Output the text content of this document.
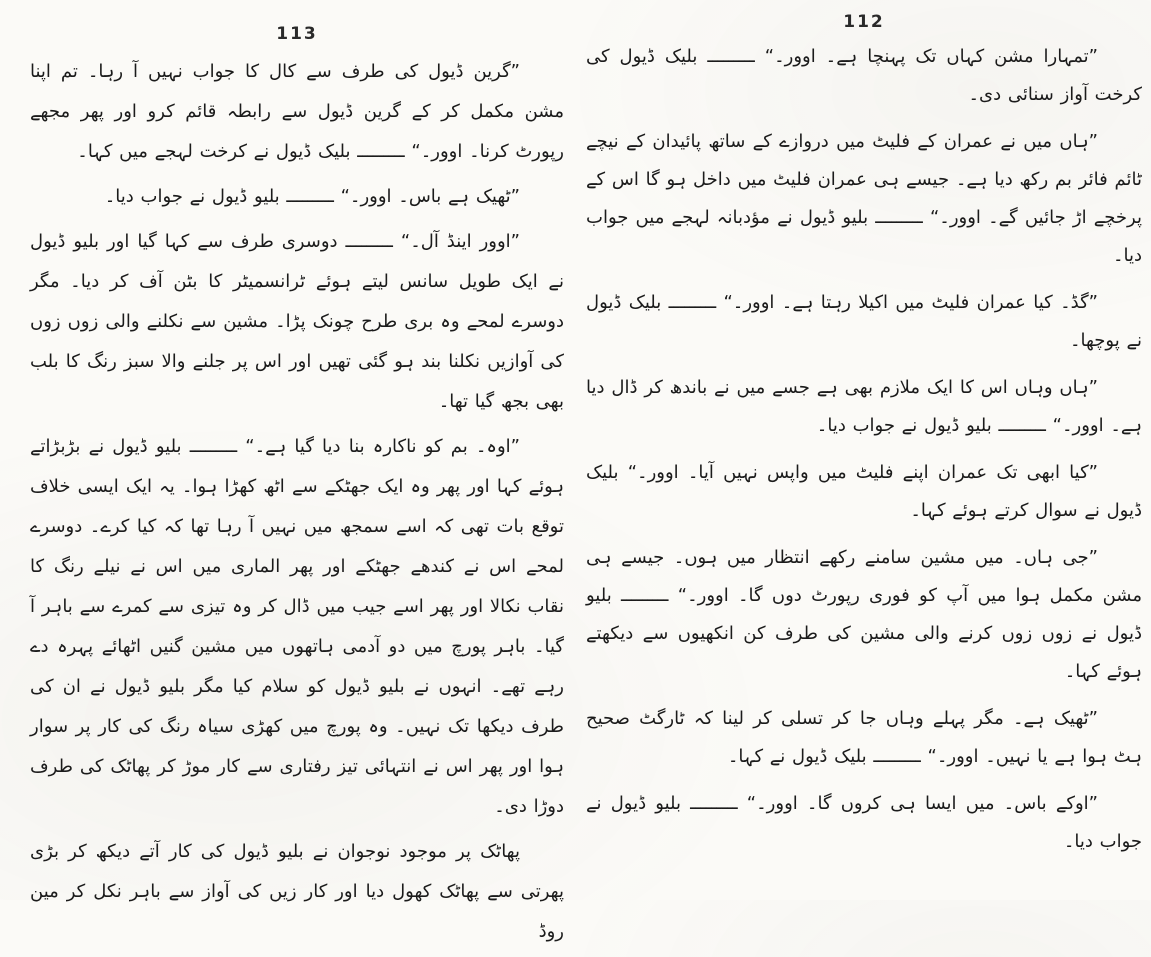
113

”گرین ڈیول کی طرف سے کال کا جواب نہیں آ رہا۔ تم اپنا مشن مکمل کر کے گرین ڈیول سے رابطہ قائم کرو اور پھر مجھے رپورٹ کرنا۔ اوور۔“ ـــــــــ بلیک ڈیول نے کرخت لہجے میں کہا۔

”ٹھیک ہے باس۔ اوور۔“ ـــــــــ بلیو ڈیول نے جواب دیا۔

”اوور اینڈ آل۔“ ـــــــــ دوسری طرف سے کہا گیا اور بلیو ڈیول نے ایک طویل سانس لیتے ہوئے ٹرانسمیٹر کا بٹن آف کر دیا۔ مگر دوسرے لمحے وہ بری طرح چونک پڑا۔ مشین سے نکلنے والی زوں زوں کی آوازیں نکلنا بند ہو گئی تھیں اور اس پر جلنے والا سبز رنگ کا بلب بھی بجھ گیا تھا۔

”اوہ۔ بم کو ناکارہ بنا دیا گیا ہے۔“ ـــــــــ بلیو ڈیول نے بڑبڑاتے ہوئے کہا اور پھر وہ ایک جھٹکے سے اٹھ کھڑا ہوا۔ یہ ایک ایسی خلاف توقع بات تھی کہ اسے سمجھ میں نہیں آ رہا تھا کہ کیا کرے۔ دوسرے لمحے اس نے کندھے جھٹکے اور پھر الماری میں اس نے نیلے رنگ کا نقاب نکالا اور پھر اسے جیب میں ڈال کر وہ تیزی سے کمرے سے باہر آ گیا۔ باہر پورچ میں دو آدمی ہاتھوں میں مشین گنیں اٹھائے پہرہ دے رہے تھے۔ انہوں نے بلیو ڈیول کو سلام کیا مگر بلیو ڈیول نے ان کی طرف دیکھا تک نہیں۔ وہ پورچ میں کھڑی سیاہ رنگ کی کار پر سوار ہوا اور پھر اس نے انتہائی تیز رفتاری سے کار موڑ کر پھاٹک کی طرف دوڑا دی۔

پھاٹک پر موجود نوجوان نے بلیو ڈیول کی کار آتے دیکھ کر بڑی پھرتی سے پھاٹک کھول دیا اور کار زیں کی آواز سے باہر نکل کر مین روڈ

112

”تمہارا مشن کہاں تک پہنچا ہے۔ اوور۔“ ـــــــــ بلیک ڈیول کی کرخت آواز سنائی دی۔

”ہاں میں نے عمران کے فلیٹ میں دروازے کے ساتھ پائیدان کے نیچے ٹائم فائر بم رکھ دیا ہے۔ جیسے ہی عمران فلیٹ میں داخل ہو گا اس کے پرخچے اڑ جائیں گے۔ اوور۔“ ـــــــــ بلیو ڈیول نے مؤدبانہ لہجے میں جواب دیا۔

”گڈ۔ کیا عمران فلیٹ میں اکیلا رہتا ہے۔ اوور۔“ ـــــــــ بلیک ڈیول نے پوچھا۔

”ہاں وہاں اس کا ایک ملازم بھی ہے جسے میں نے باندھ کر ڈال دیا ہے۔ اوور۔“ ـــــــــ بلیو ڈیول نے جواب دیا۔

”کیا ابھی تک عمران اپنے فلیٹ میں واپس نہیں آیا۔ اوور۔“ بلیک ڈیول نے سوال کرتے ہوئے کہا۔

”جی ہاں۔ میں مشین سامنے رکھے انتظار میں ہوں۔ جیسے ہی مشن مکمل ہوا میں آپ کو فوری رپورٹ دوں گا۔ اوور۔“ ـــــــــ بلیو ڈیول نے زوں زوں کرنے والی مشین کی طرف کن انکھیوں سے دیکھتے ہوئے کہا۔

”ٹھیک ہے۔ مگر پہلے وہاں جا کر تسلی کر لینا کہ ٹارگٹ صحیح ہٹ ہوا ہے یا نہیں۔ اوور۔“ ـــــــــ بلیک ڈیول نے کہا۔

”اوکے باس۔ میں ایسا ہی کروں گا۔ اوور۔“ ـــــــــ بلیو ڈیول نے جواب دیا۔
